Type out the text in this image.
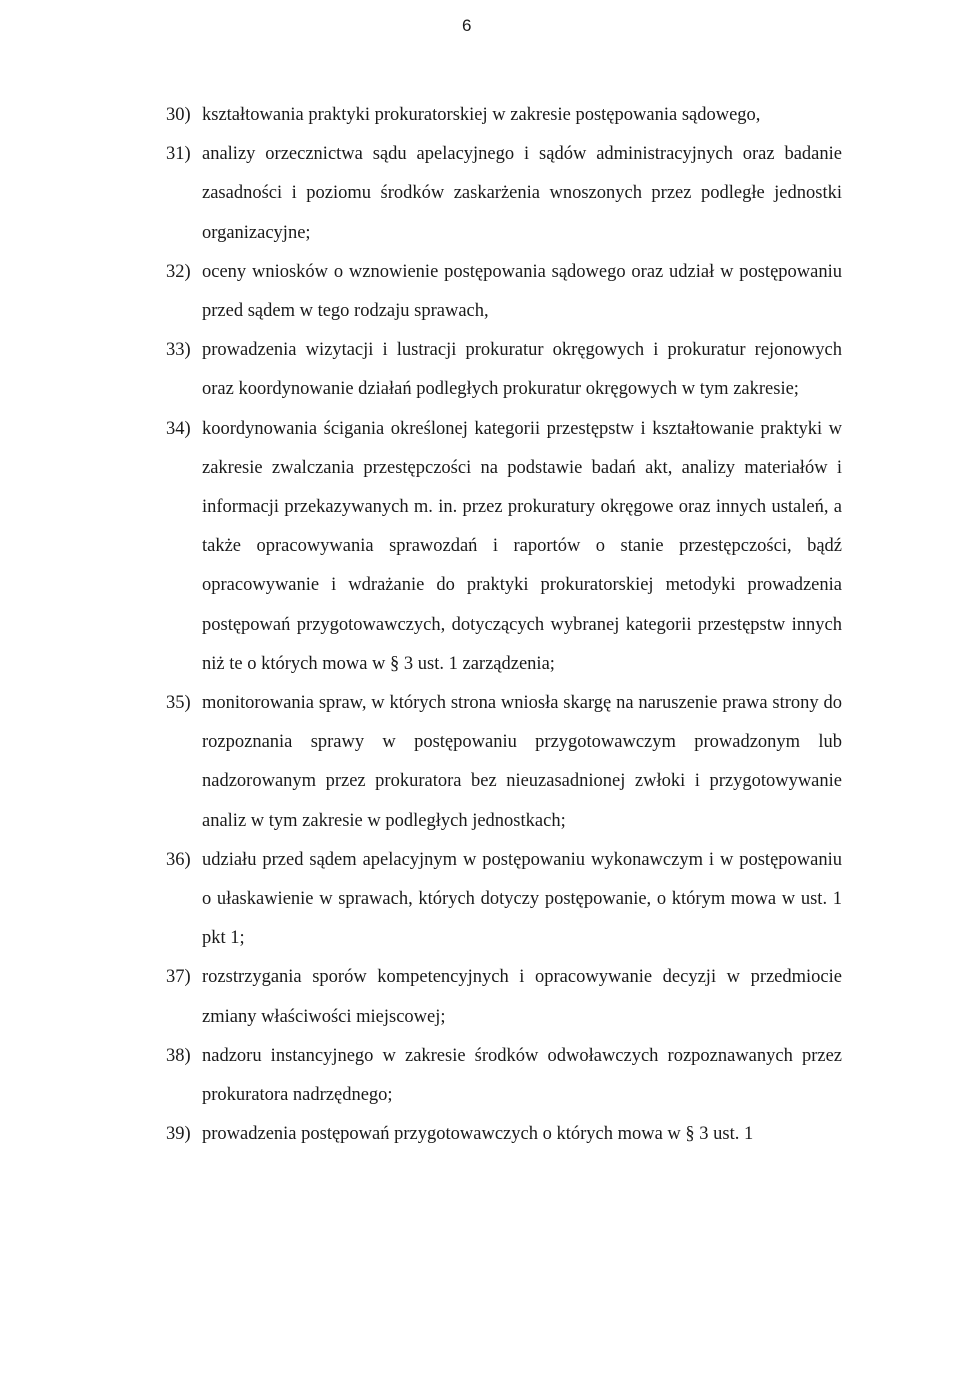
6
30) kształtowania praktyki prokuratorskiej w zakresie postępowania sądowego,
31) analizy orzecznictwa sądu apelacyjnego i sądów administracyjnych oraz badanie zasadności i poziomu środków zaskarżenia wnoszonych przez podległe jednostki organizacyjne;
32) oceny wniosków o wznowienie postępowania sądowego oraz udział w postępowaniu przed sądem w tego rodzaju sprawach,
33) prowadzenia wizytacji i lustracji prokuratur okręgowych i prokuratur rejonowych oraz koordynowanie działań podległych prokuratur okręgowych w tym zakresie;
34) koordynowania ścigania określonej kategorii przestępstw i kształtowanie praktyki w zakresie zwalczania przestępczości na podstawie badań akt, analizy materiałów i informacji przekazywanych m. in. przez prokuratury okręgowe oraz innych ustaleń, a także opracowywania sprawozdań i raportów o stanie przestępczości, bądź opracowywanie i wdrażanie do praktyki prokuratorskiej metodyki prowadzenia postępowań przygotowawczych, dotyczących wybranej kategorii przestępstw innych niż te o których mowa w § 3 ust. 1 zarządzenia;
35) monitorowania spraw, w których strona wniosła skargę na naruszenie prawa strony do rozpoznania sprawy w postępowaniu przygotowawczym prowadzonym lub nadzorowanym przez prokuratora bez nieuzasadnionej zwłoki i przygotowywanie analiz w tym zakresie w podległych jednostkach;
36) udziału przed sądem apelacyjnym w postępowaniu wykonawczym i w postępowaniu o ułaskawienie w sprawach, których dotyczy postępowanie, o którym mowa w ust. 1 pkt 1;
37) rozstrzygania sporów kompetencyjnych i opracowywanie decyzji w przedmiocie zmiany właściwości miejscowej;
38) nadzoru instancyjnego w zakresie środków odwoławczych rozpoznawanych przez prokuratora nadrzędnego;
39) prowadzenia postępowań przygotowawczych o których mowa w § 3 ust. 1
